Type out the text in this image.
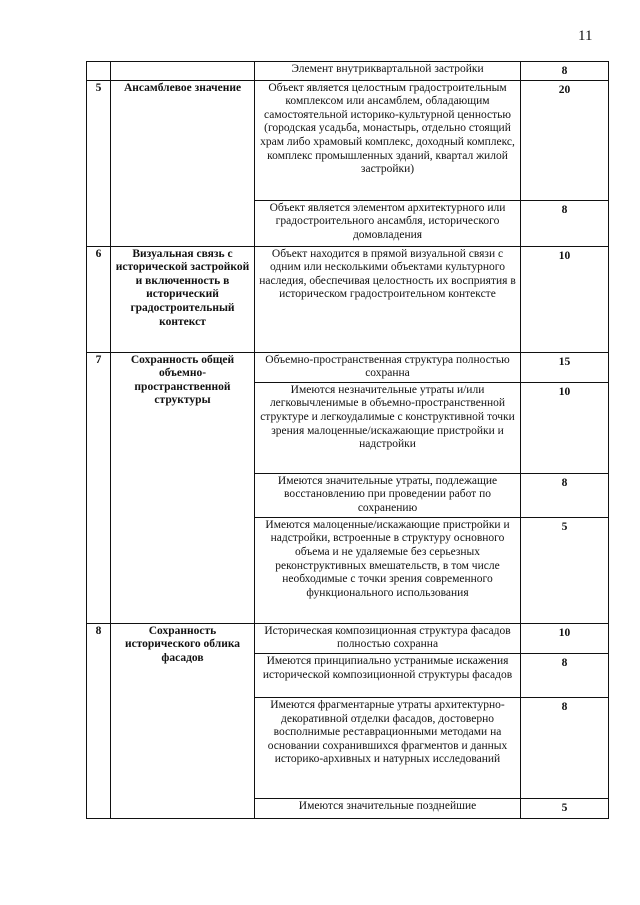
11
		Элемент внутриквартальной застройки	8

5	Ансамблевое значение	Объект является целостным градостроительным комплексом или ансамблем, обладающим самостоятельной историко-культурной ценностью (городская усадьба, монастырь, отдельно стоящий храм либо храмовый комплекс, доходный комплекс, комплекс промышленных зданий, квартал жилой застройки)	20

		Объект является элементом архитектурного или градостроительного ансамбля, исторического домовладения	8

6	Визуальная связь с исторической застройкой и включенность в исторический градостроительный контекст	Объект находится в прямой визуальной связи с одним или несколькими объектами культурного наследия, обеспечивая целостность их восприятия в историческом градостроительном контексте	10

7	Сохранность общей объемно-пространственной структуры	Объемно-пространственная структура полностью сохранна	15

		Имеются незначительные утраты и/или легковычленимые в объемно-пространственной структуре и легкоудалимые с конструктивной точки зрения малоценные/искажающие пристройки и надстройки	10

		Имеются значительные утраты, подлежащие восстановлению при проведении работ по сохранению	8

		Имеются малоценные/искажающие пристройки и надстройки, встроенные в структуру основного объема и не удаляемые без серьезных реконструктивных вмешательств, в том числе необходимые с точки зрения современного функционального использования	5

8	Сохранность исторического облика фасадов	Историческая композиционная структура фасадов полностью сохранна	10

		Имеются принципиально устранимые искажения исторической композиционной структуры фасадов	8

		Имеются фрагментарные утраты архитектурно-декоративной отделки фасадов, достоверно восполнимые реставрационными методами на основании сохранившихся фрагментов и данных историко-архивных и натурных исследований	8

		Имеются значительные позднейшие	5
